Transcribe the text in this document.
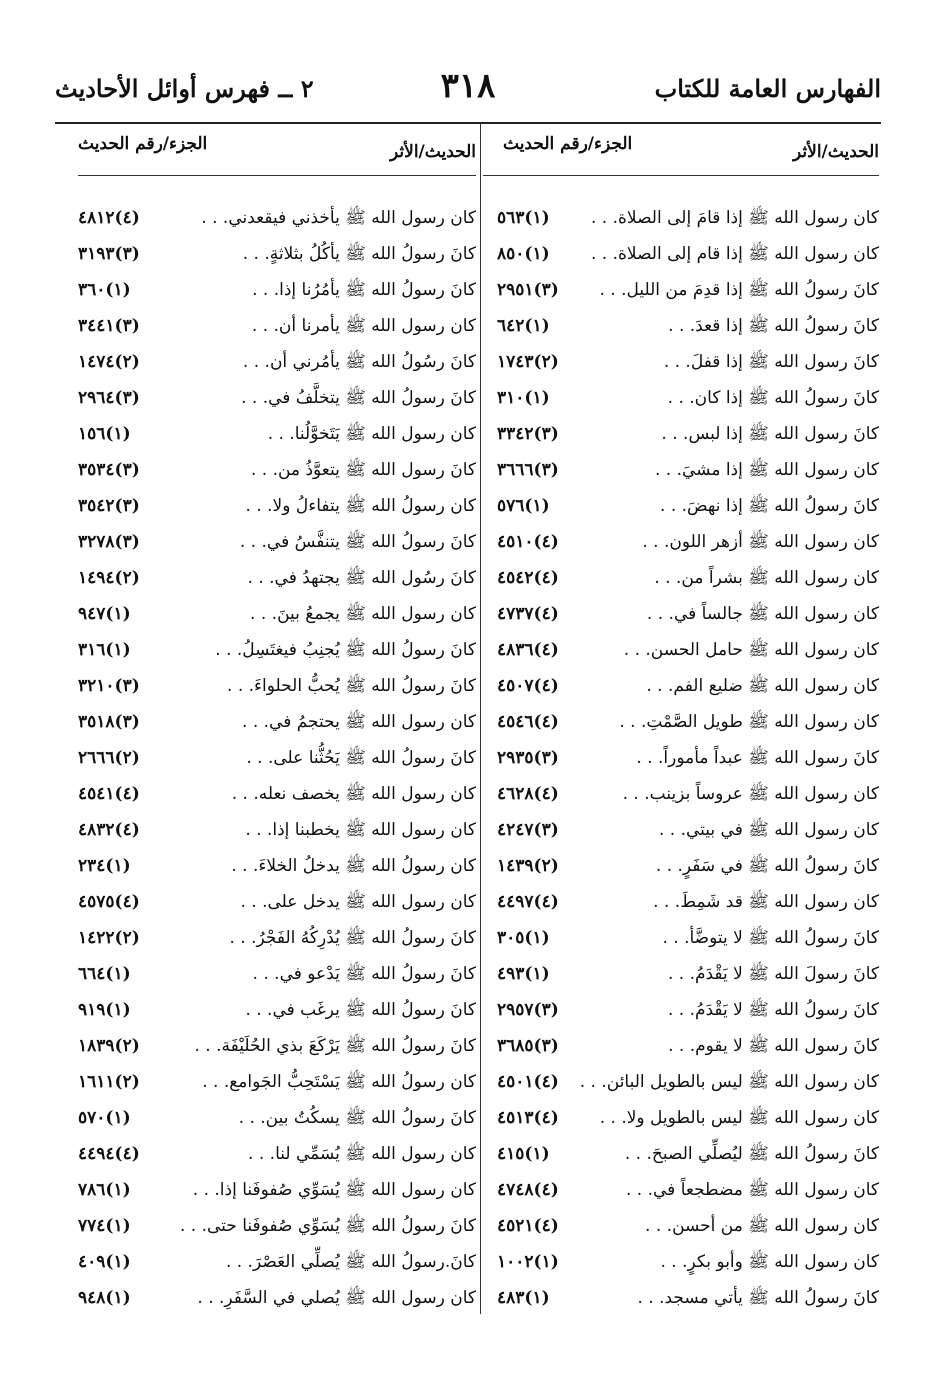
الفهارس العامة للكتاب
٣١٨
٢ ــ فهرس أوائل الأحاديث
الحديث/الأثر
الجزء/رقم الحديث
كان رسول الله ﷺ إذا قامَ إلى الصلاة. . .
(١)٥٦٣
كان رسول الله ﷺ إذا قام إلى الصلاة. . .
(١)٨٥٠
كانَ رسولُ الله ﷺ إذا قدِمَ من الليل. . .
(٣)٢٩٥١
كانَ رسولُ الله ﷺ إذا قعدَ. . .
(١)٦٤٢
كانَ رسول الله ﷺ إذا قفلَ. . .
(٢)١٧٤٣
كانَ رسولُ الله ﷺ إذا كان. . .
(١)٣١٠
كانَ رسول الله ﷺ إذا لبس. . .
(٣)٣٣٤٢
كان رسول الله ﷺ إذا مشيَ. . .
(٣)٣٦٦٦
كانَ رسولُ الله ﷺ إذا نهضَ. . .
(١)٥٧٦
كان رسول الله ﷺ أزهر اللون. . .
(٤)٤٥١٠
كان رسول الله ﷺ بشراً من. . .
(٤)٤٥٤٢
كان رسول الله ﷺ جالساً في. . .
(٤)٤٧٣٧
كان رسول الله ﷺ حامل الحسن. . .
(٤)٤٨٣٦
كان رسول الله ﷺ ضليع الفم. . .
(٤)٤٥٠٧
كان رسول الله ﷺ طويل الصَّمْتِ. . .
(٤)٤٥٤٦
كانَ رسول الله ﷺ عبداً مأموراً. . .
(٣)٢٩٣٥
كان رسول الله ﷺ عروساً بزينب. . .
(٤)٤٦٢٨
كان رسول الله ﷺ في بيتي. . .
(٣)٤٢٤٧
كانَ رسولُ الله ﷺ في سَفَرٍ. . .
(٢)١٤٣٩
كان رسول الله ﷺ قد شَمِطَ. . .
(٤)٤٤٩٧
كانَ رسولُ الله ﷺ لا يتوضَّأ. . .
(١)٣٠٥
كانَ رسولَ الله ﷺ لا يَقْدَمُ. . .
(١)٤٩٣
كانَ رسولُ الله ﷺ لا يَقْدَمُ. . .
(٣)٢٩٥٧
كانَ رسول الله ﷺ لا يقوم. . .
(٣)٣٦٨٥
كان رسول الله ﷺ ليس بالطويل البائن. . .
(٤)٤٥٠١
كان رسول الله ﷺ ليس بالطويل ولا. . .
(٤)٤٥١٣
كانَ رسولُ الله ﷺ ليُصلِّي الصبحَ. . .
(١)٤١٥
كان رسول الله ﷺ مضطجعاً في. . .
(٤)٤٧٤٨
كان رسول الله ﷺ من أحسن. . .
(٤)٤٥٢١
كان رسول الله ﷺ وأبو بكرٍ. . .
(١)١٠٠٢
كانَ رسولُ الله ﷺ يأتي مسجد. . .
(١)٤٨٣
الحديث/الأثر
الجزء/رقم الحديث
كان رسول الله ﷺ يأخذني فيقعدني. . .
(٤)٤٨١٢
كانَ رسولُ الله ﷺ يأكُلُ بثلاثةٍ. . .
(٣)٣١٩٣
كانَ رسولُ الله ﷺ يأمُرُنا إذا. . .
(١)٣٦٠
كان رسول الله ﷺ يأمرنا أن. . .
(٣)٣٤٤١
كانَ رسُولُ الله ﷺ يأمُرني أن. . .
(٢)١٤٧٤
كانَ رسولُ الله ﷺ يتخلَّفُ في. . .
(٣)٢٩٦٤
كان رسول الله ﷺ يَتَخوَّلُنا. . .
(١)١٥٦
كانَ رسول الله ﷺ يتعوَّذُ من. . .
(٣)٣٥٣٤
كان رسولُ الله ﷺ يتفاءلُ ولا. . .
(٣)٣٥٤٢
كانَ رسولُ الله ﷺ يتنفَّسُ في. . .
(٣)٣٢٧٨
كانَ رسُول الله ﷺ يجتهدُ في. . .
(٢)١٤٩٤
كان رسول الله ﷺ يجمعُ بينَ. . .
(١)٩٤٧
كانَ رسولُ الله ﷺ يُجنِبُ فيغتَسِلُ. . .
(١)٣١٦
كانَ رسولُ الله ﷺ يُحبُّ الحلواءَ. . .
(٣)٣٢١٠
كان رسول الله ﷺ يحتجمُ في. . .
(٣)٣٥١٨
كانَ رسولُ الله ﷺ يَحُثُّنا على. . .
(٢)٢٦٦٦
كان رسول الله ﷺ يخصف نعله. . .
(٤)٤٥٤١
كان رسول الله ﷺ يخطبنا إذا. . .
(٤)٤٨٣٢
كان رسولُ الله ﷺ يدخلُ الخلاءَ. . .
(١)٢٣٤
كان رسول الله ﷺ يدخل على. . .
(٤)٤٥٧٥
كانَ رسولُ الله ﷺ يُدْرِكُهُ الفَجْرُ. . .
(٢)١٤٢٢
كانَ رسولُ الله ﷺ يَدْعو في. . .
(١)٦٦٤
كانَ رسولُ الله ﷺ يرغَب في. . .
(١)٩١٩
كانَ رسولُ الله ﷺ يَرْكَعَ بذي الحُلَيْفَة. . .
(٢)١٨٣٩
كان رسولُ الله ﷺ يَسْتَحِبُّ الجَوامع. . .
(٢)١٦١١
كانَ رسولُ الله ﷺ يسكُتُ بين. . .
(١)٥٧٠
كان رسول الله ﷺ يُسَمِّي لنا. . .
(٤)٤٤٩٤
كان رسول الله ﷺ يُسَوِّي صُفوفَنا إذا. . .
(١)٧٨٦
كانَ رسولُ الله ﷺ يُسَوِّي صُفوفَنا حتى. . .
(١)٧٧٤
كانَ.رسولُ الله ﷺ يُصلِّي العَصْرَ. . .
(١)٤٠٩
كان رسول الله ﷺ يُصلي في السَّفَرِ. . .
(١)٩٤٨
